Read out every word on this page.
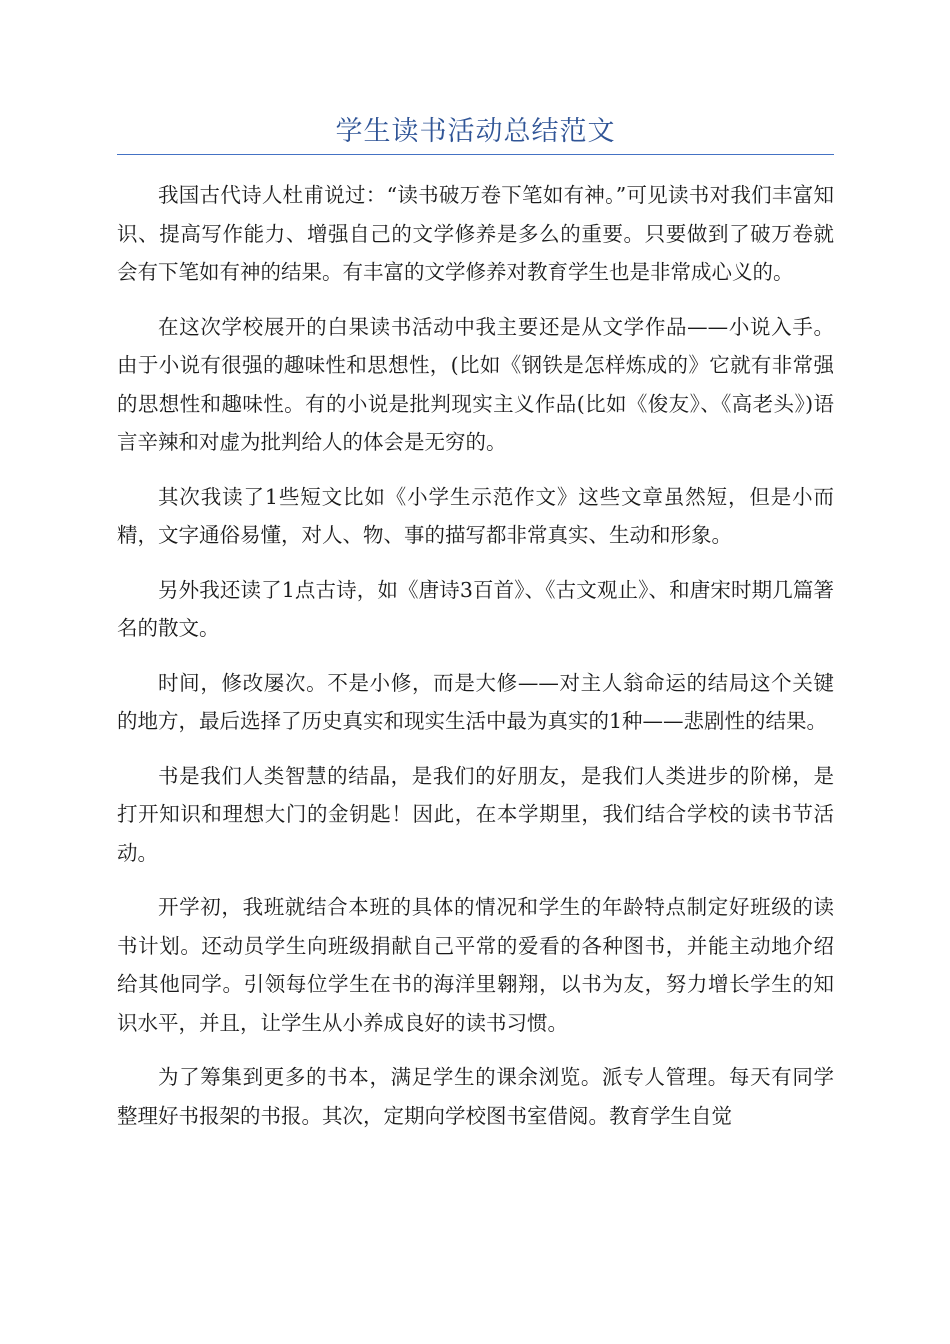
学生读书活动总结范文

我国古代诗人杜甫说过：“读书破万卷下笔如有神。”可见读书对我们丰富知识、提高写作能力、增强自己的文学修养是多么的重要。只要做到了破万卷就会有下笔如有神的结果。有丰富的文学修养对教育学生也是非常成心义的。

在这次学校展开的白果读书活动中我主要还是从文学作品——小说入手。由于小说有很强的趣味性和思想性，(比如《钢铁是怎样炼成的》它就有非常强的思想性和趣味性。有的小说是批判现实主义作品(比如《俊友》、《高老头》)语言辛辣和对虚为批判给人的体会是无穷的。

其次我读了1些短文比如《小学生示范作文》这些文章虽然短，但是小而精，文字通俗易懂，对人、物、事的描写都非常真实、生动和形象。

另外我还读了1点古诗，如《唐诗3百首》、《古文观止》、和唐宋时期几篇箸名的散文。

时间，修改屡次。不是小修，而是大修——对主人翁命运的结局这个关键的地方，最后选择了历史真实和现实生活中最为真实的1种——悲剧性的结果。

书是我们人类智慧的结晶，是我们的好朋友，是我们人类进步的阶梯，是打开知识和理想大门的金钥匙！因此，在本学期里，我们结合学校的读书节活动。

开学初，我班就结合本班的具体的情况和学生的年龄特点制定好班级的读书计划。还动员学生向班级捐献自己平常的爱看的各种图书，并能主动地介绍给其他同学。引领每位学生在书的海洋里翱翔，以书为友，努力增长学生的知识水平，并且，让学生从小养成良好的读书习惯。

为了筹集到更多的书本，满足学生的课余浏览。派专人管理。每天有同学整理好书报架的书报。其次，定期向学校图书室借阅。教育学生自觉
